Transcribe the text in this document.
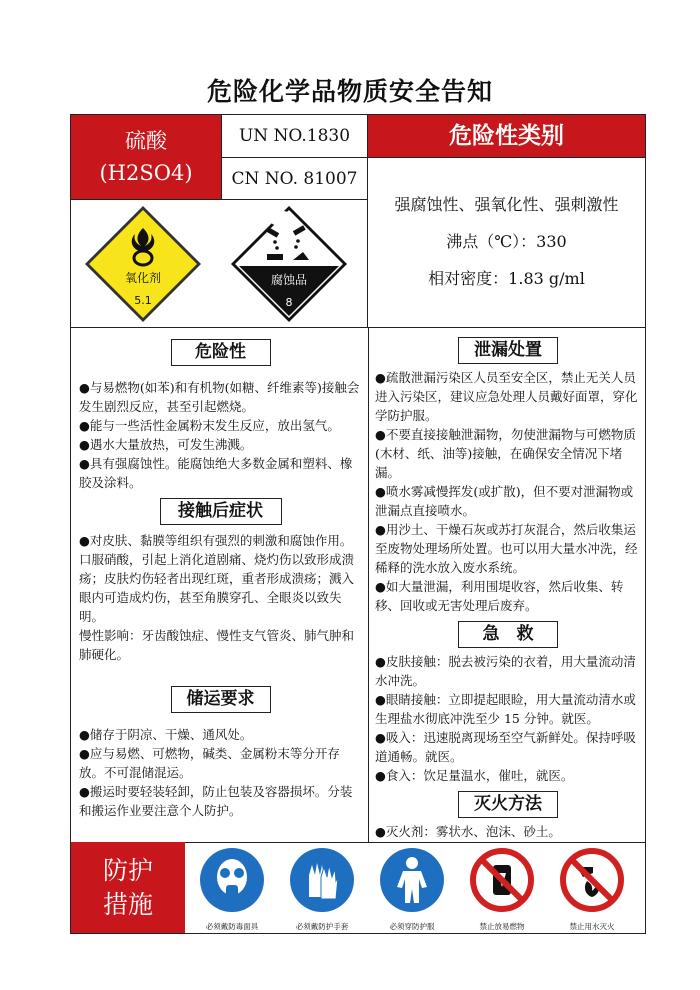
危险化学品物质安全告知
硫酸
(H2SO4)
UN NO.1830
CN NO. 81007
危险性类别
强腐蚀性、强氧化性、强刺激性
沸点（℃）：330
相对密度：1.83 g/ml
氧化剂
5.1
腐蚀品
8
危险性

●与易燃物(如苯)和有机物(如糖、纤维素等)接触会发生剧烈反应，甚至引起燃烧。

●能与一些活性金属粉末发生反应，放出氢气。

●遇水大量放热，可发生沸溅。

●具有强腐蚀性。能腐蚀绝大多数金属和塑料、橡胶及涂料。

接触后症状

●对皮肤、黏膜等组织有强烈的刺激和腐蚀作用。口服硝酸，引起上消化道剧痛、烧灼伤以致形成溃疡；皮肤灼伤轻者出现红斑，重者形成溃疡；溅入眼内可造成灼伤，甚至角膜穿孔、全眼炎以致失明。

慢性影响：牙齿酸蚀症、慢性支气管炎、肺气肿和肺硬化。

储运要求

●储存于阴凉、干燥、通风处。

●应与易燃、可燃物，碱类、金属粉末等分开存放。不可混储混运。

●搬运时要轻装轻卸，防止包装及容器损坏。分装和搬运作业要注意个人防护。

泄漏处置

●疏散泄漏污染区人员至安全区，禁止无关人员进入污染区，建议应急处理人员戴好面罩，穿化学防护服。

●不要直接接触泄漏物，勿使泄漏物与可燃物质(木材、纸、油等)接触，在确保安全情况下堵漏。

●喷水雾减慢挥发(或扩散)，但不要对泄漏物或泄漏点直接喷水。

●用沙土、干燥石灰或苏打灰混合，然后收集运至废物处理场所处置。也可以用大量水冲洗，经稀释的洗水放入废水系统。

●如大量泄漏，利用围堤收容，然后收集、转移、回收或无害处理后废弃。

急　救

●皮肤接触：脱去被污染的衣着，用大量流动清水冲洗。

●眼睛接触：立即提起眼睑，用大量流动清水或生理盐水彻底冲洗至少 15 分钟。就医。

●吸入：迅速脱离现场至空气新鲜处。保持呼吸道通畅。就医。

●食入：饮足量温水，催吐，就医。

灭火方法

●灭火剂：雾状水、泡沫、砂土。

防护
措施
必须戴防毒面具	必须戴防护手套	必须穿防护服	禁止放易燃物	禁止用水灭火
